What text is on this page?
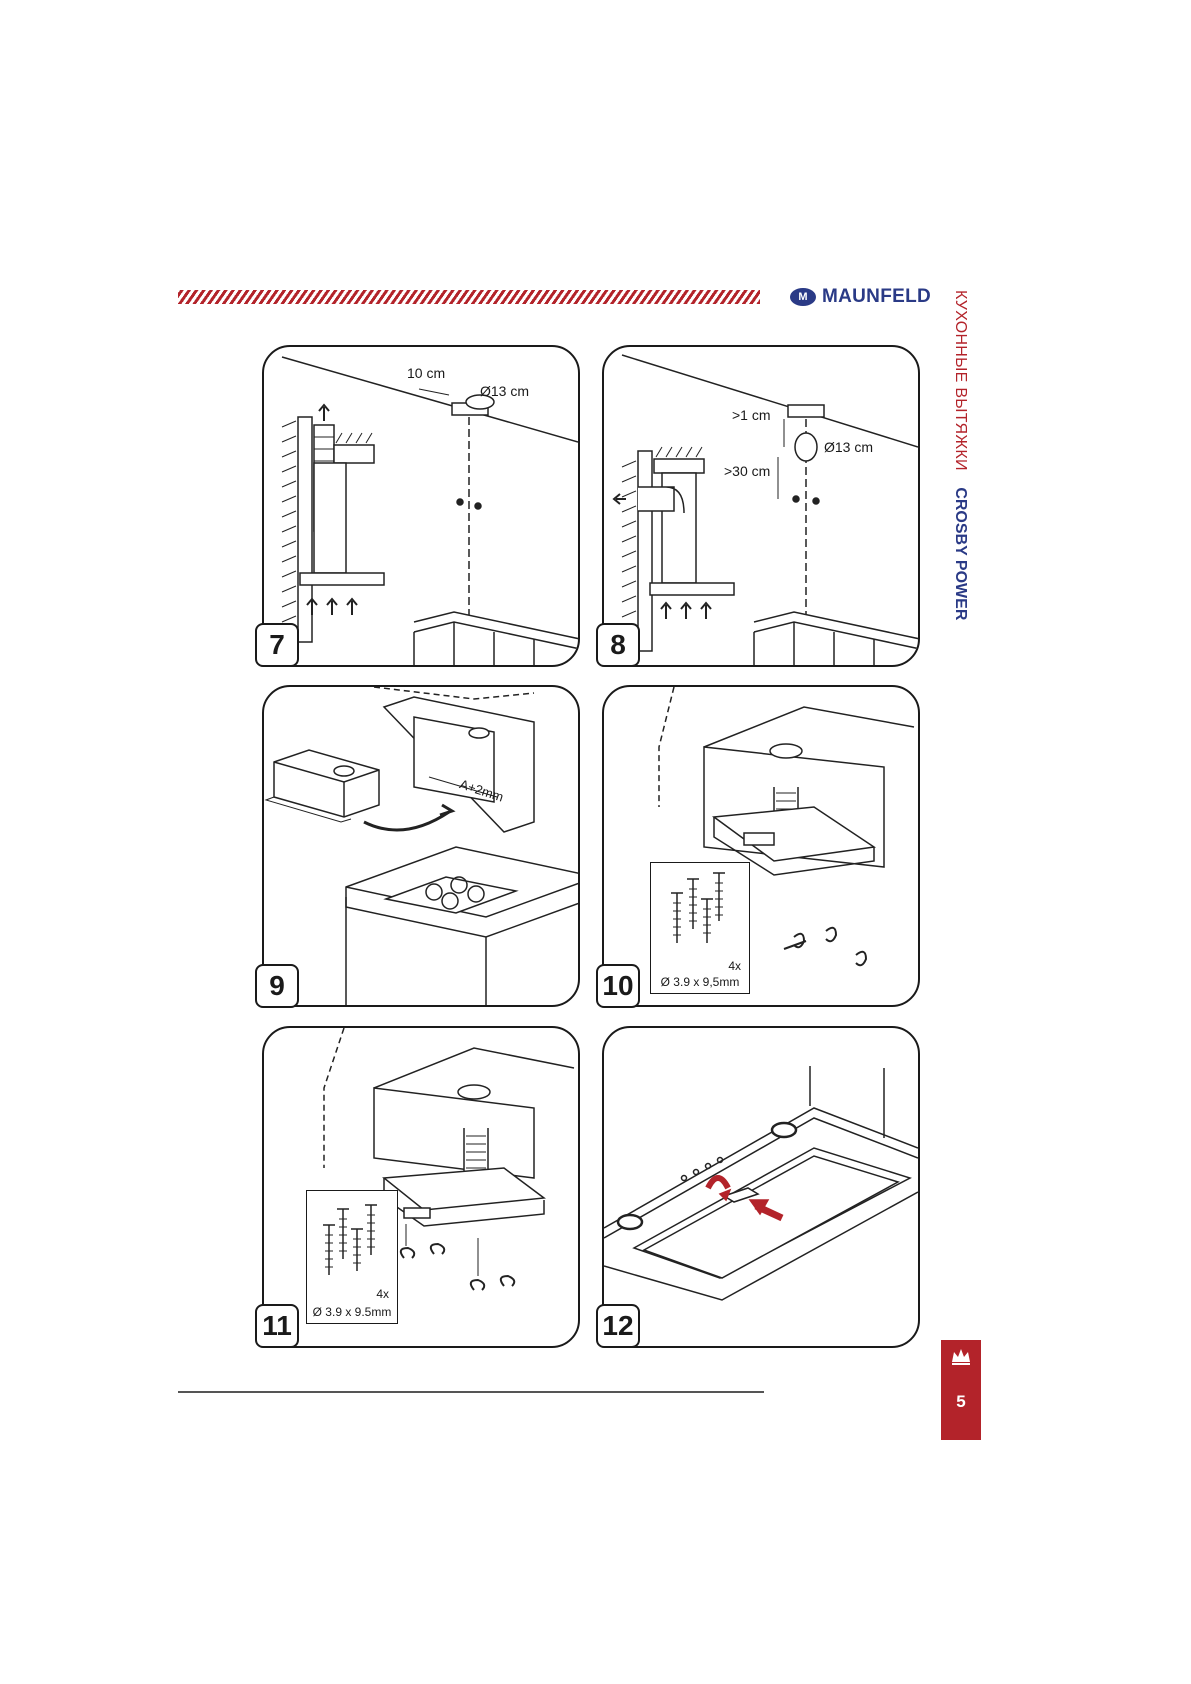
M MAUNFELD	КУХОННЫЕ ВЫТЯЖКИ CROSBY POWER
10 cm
Ø13 cm
7
>1 cm
Ø13 cm
>30 cm
8
A+2mm
9
4x
Ø 3.9 x 9,5mm
10
4x
Ø 3.9 x 9.5mm
11	12
5
